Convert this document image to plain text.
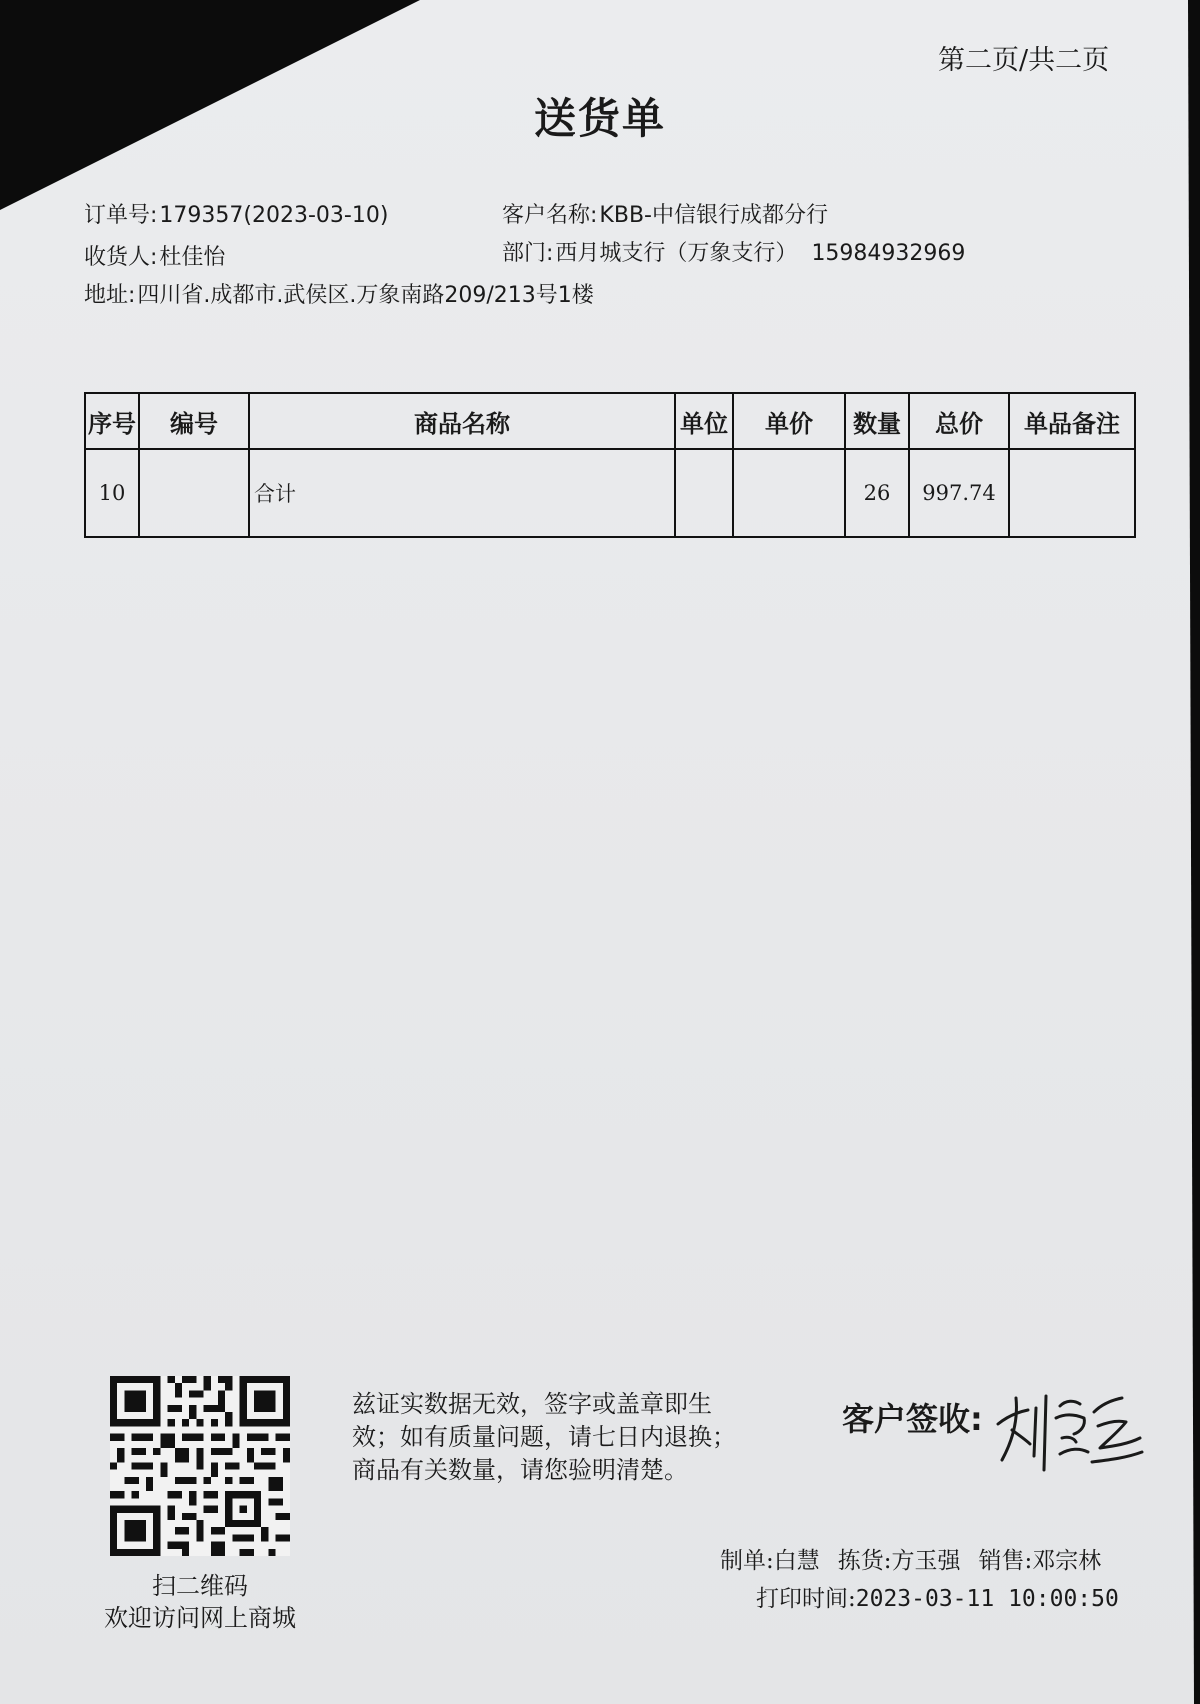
第二页/共二页
送货单
订单号:179357(2023-03-10)	客户名称:KBB-中信银行成都分行
收货人:杜佳怡	部门:西月城支行（万象支行） 15984932969
地址:四川省.成都市.武侯区.万象南路209/213号1楼
序号	编号	商品名称	单位	单价	数量	总价	单品备注
10		合计			26	997.74	
扫二维码
欢迎访问网上商城
兹证实数据无效，签字或盖章即生
效；如有质量问题，请七日内退换；
商品有关数量，请您验明清楚。
客户签收:
制单:白慧 拣货:方玉强 销售:邓宗林
打印时间:2023-03-11 10:00:50
